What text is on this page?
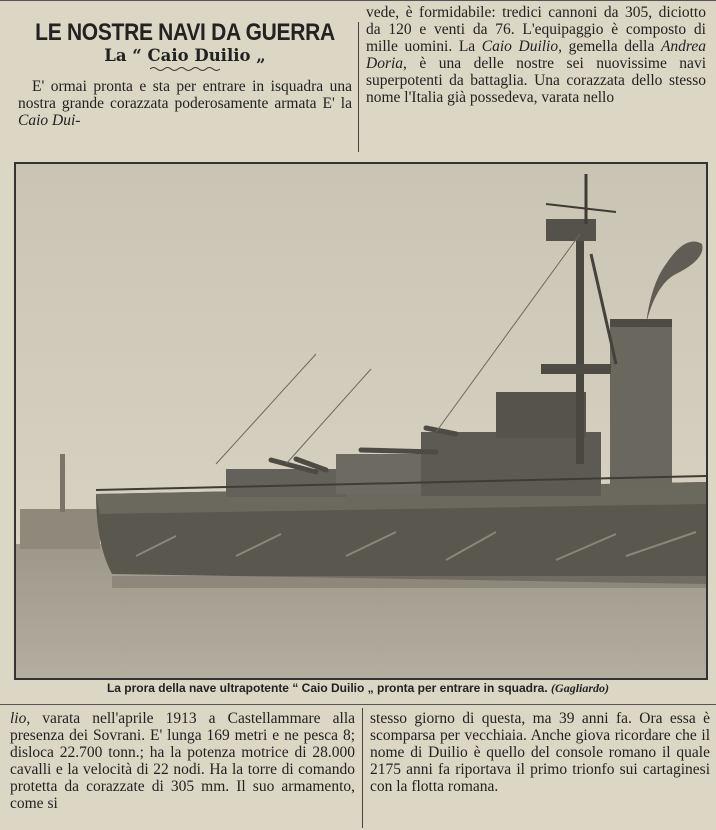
LE NOSTRE NAVI DA GUERRA
La “ Caio Duilio „

E' ormai pronta e sta per entrare in isquadra una nostra grande corazzata poderosamente armata E' la Caio Dui-

vede, è formidabile: tredici cannoni da 305, diciotto da 120 e venti da 76. L'equipaggio è composto di mille uomini. La Caio Duilio, gemella della Andrea Doria, è una delle nostre sei nuovissime navi superpotenti da battaglia. Una corazzata dello stesso nome l'Italia già possedeva, varata nello

La prora della nave ultrapotente “ Caio Duilio „ pronta per entrare in squadra. (Gagliardo)

lio, varata nell'aprile 1913 a Castellammare alla presenza dei Sovrani. E' lunga 169 metri e ne pesca 8; disloca 22.700 tonn.; ha la potenza motrice di 28.000 cavalli e la velocità di 22 nodi. Ha la torre di comando protetta da corazzate di 305 mm. Il suo armamento, come si

stesso giorno di questa, ma 39 anni fa. Ora essa è scomparsa per vecchiaia. Anche giova ricordare che il nome di Duilio è quello del console romano il quale 2175 anni fa riportava il primo trionfo sui cartaginesi con la flotta romana.
